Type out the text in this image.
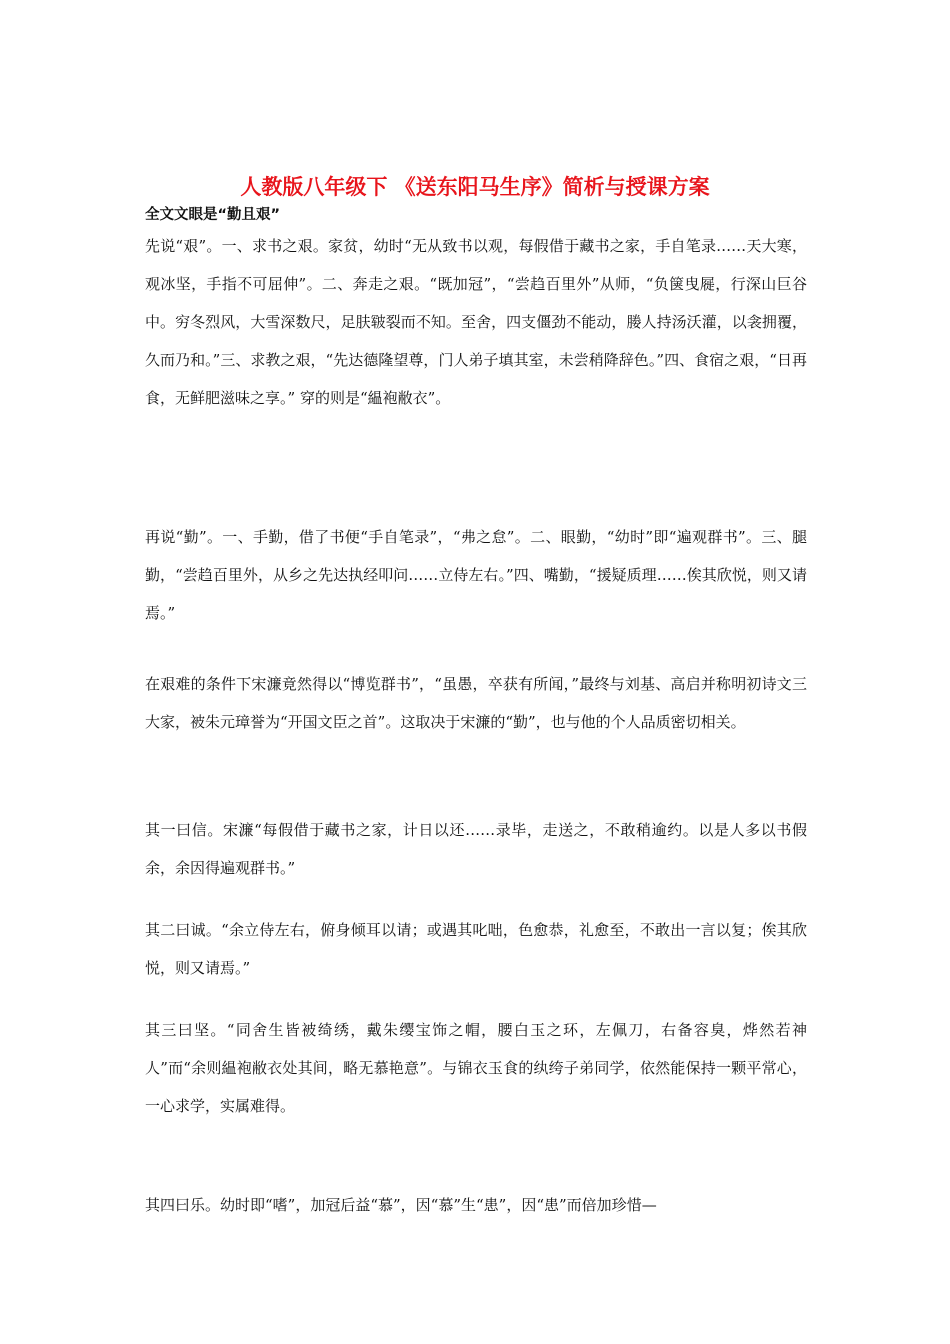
人教版八年级下 《送东阳马生序》简析与授课方案

全文文眼是“勤且艰”

先说“艰”。一、求书之艰。家贫，幼时“无从致书以观，每假借于藏书之家，手自笔录……天大寒，观冰坚，手指不可屈伸”。二、奔走之艰。“既加冠”，“尝趋百里外”从师，“负箧曳屣，行深山巨谷中。穷冬烈风，大雪深数尺，足肤皲裂而不知。至舍，四支僵劲不能动，媵人持汤沃灌，以衾拥覆，久而乃和。”三、求教之艰，“先达德隆望尊，门人弟子填其室，未尝稍降辞色。”四、食宿之艰，“日再食，无鲜肥滋味之享。” 穿的则是“緼袍敝衣”。

再说“勤”。一、手勤，借了书便“手自笔录”，“弗之怠”。二、眼勤，“幼时”即“遍观群书”。三、腿勤，“尝趋百里外，从乡之先达执经叩问……立侍左右。”四、嘴勤，“援疑质理……俟其欣悦，则又请焉。”

在艰难的条件下宋濂竟然得以“博览群书”，“虽愚，卒获有所闻，”最终与刘基、高启并称明初诗文三大家，被朱元璋誉为“开国文臣之首”。这取决于宋濂的“勤”，也与他的个人品质密切相关。

其一曰信。宋濂“每假借于藏书之家，计日以还……录毕，走送之，不敢稍逾约。以是人多以书假余，余因得遍观群书。”

其二曰诚。“余立侍左右，俯身倾耳以请；或遇其叱咄，色愈恭，礼愈至，不敢出一言以复；俟其欣悦，则又请焉。”

其三曰坚。“同舍生皆被绮绣，戴朱缨宝饰之帽，腰白玉之环，左佩刀，右备容臭，烨然若神人”而“余则緼袍敝衣处其间，略无慕艳意”。与锦衣玉食的纨绔子弟同学，依然能保持一颗平常心，一心求学，实属难得。

其四曰乐。幼时即“嗜”，加冠后益“慕”，因“慕”生“患”，因“患”而倍加珍惜—
